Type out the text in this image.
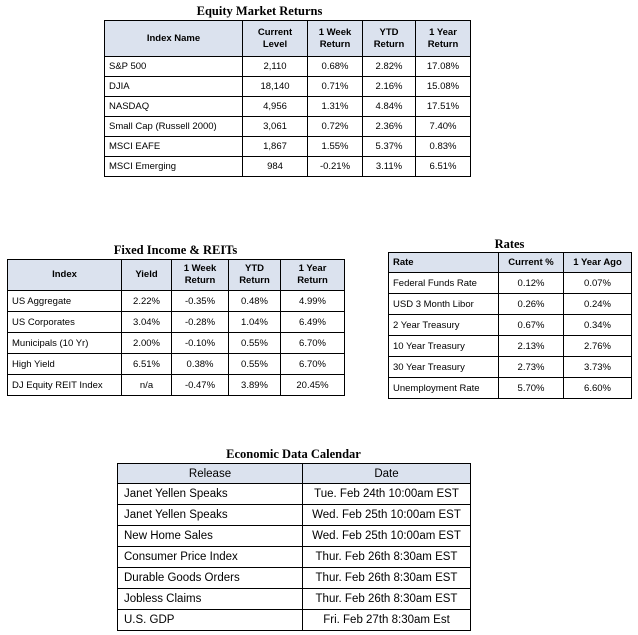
Equity Market Returns
Index Name	Current Level	1 Week Return	YTD Return	1 Year Return
S&P 500	2,110	0.68%	2.82%	17.08%
DJIA	18,140	0.71%	2.16%	15.08%
NASDAQ	4,956	1.31%	4.84%	17.51%
Small Cap (Russell 2000)	3,061	0.72%	2.36%	7.40%
MSCI EAFE	1,867	1.55%	5.37%	0.83%
MSCI Emerging	984	-0.21%	3.11%	6.51%
Fixed Income & REITs
Index	Yield	1 Week Return	YTD Return	1 Year Return
US Aggregate	2.22%	-0.35%	0.48%	4.99%
US Corporates	3.04%	-0.28%	1.04%	6.49%
Municipals (10 Yr)	2.00%	-0.10%	0.55%	6.70%
High Yield	6.51%	0.38%	0.55%	6.70%
DJ Equity REIT Index	n/a	-0.47%	3.89%	20.45%
Rates
Rate	Current %	1 Year Ago
Federal Funds Rate	0.12%	0.07%
USD 3 Month Libor	0.26%	0.24%
2 Year Treasury	0.67%	0.34%
10 Year Treasury	2.13%	2.76%
30 Year Treasury	2.73%	3.73%
Unemployment Rate	5.70%	6.60%
Economic Data Calendar
Release	Date
Janet Yellen Speaks	Tue. Feb 24th 10:00am EST
Janet Yellen Speaks	Wed. Feb 25th 10:00am EST
New Home Sales	Wed. Feb 25th 10:00am EST
Consumer Price Index	Thur. Feb 26th 8:30am EST
Durable Goods Orders	Thur. Feb 26th 8:30am EST
Jobless Claims	Thur. Feb 26th 8:30am EST
U.S. GDP	Fri. Feb 27th 8:30am Est
